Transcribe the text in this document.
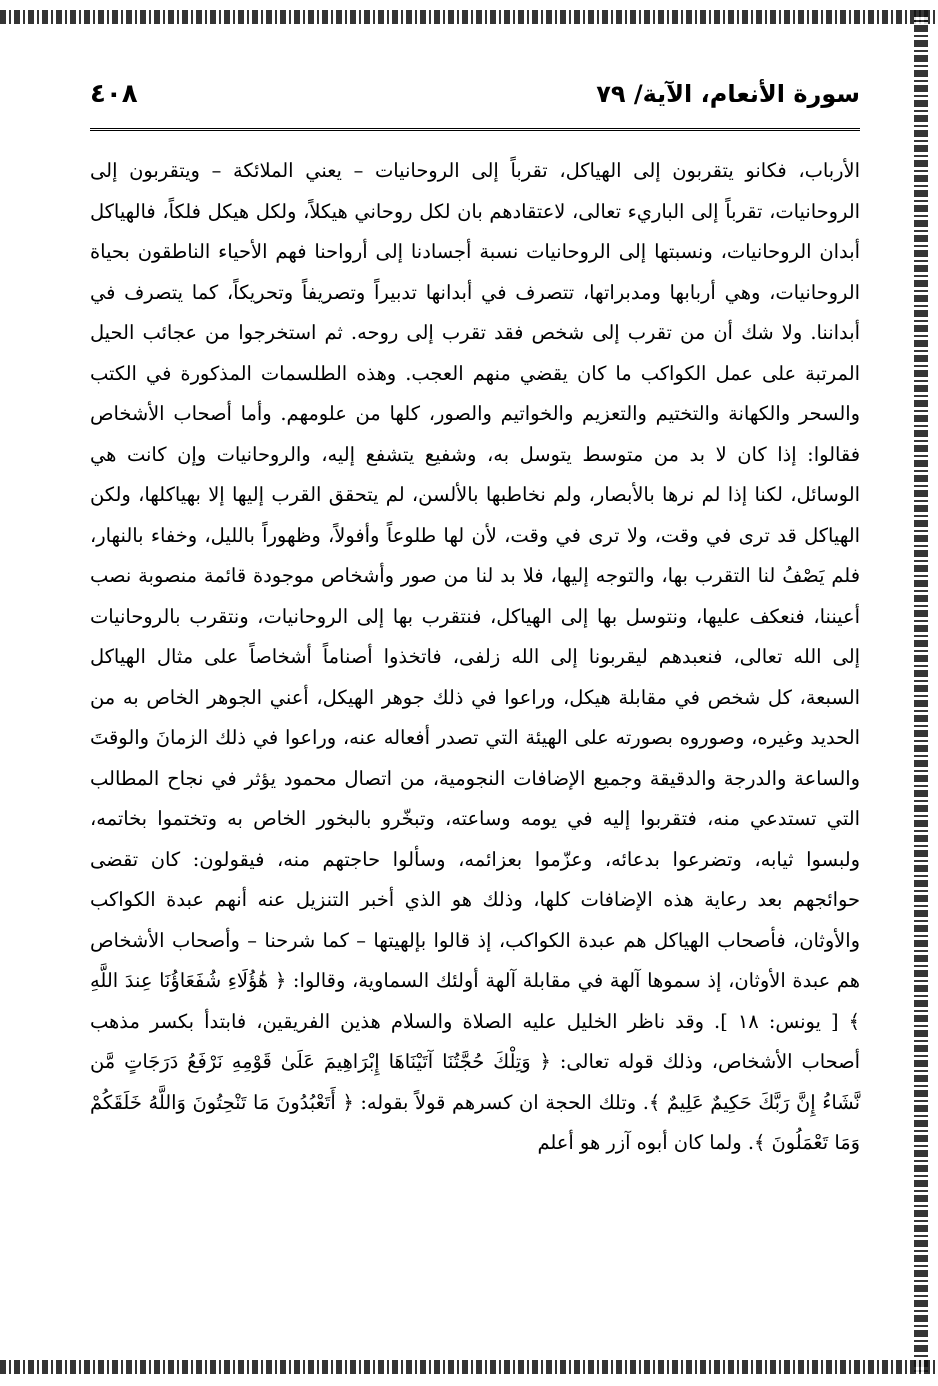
سورة الأنعام، الآية/ ٧٩
٤٠٨

الأرباب، فكانو يتقربون إلى الهياكل، تقرباً إلى الروحانيات – يعني الملائكة – ويتقربون إلى الروحانيات، تقرباً إلى الباريء تعالى، لاعتقادهم بان لكل روحاني هيكلاً، ولكل هيكل فلكاً، فالهياكل أبدان الروحانيات، ونسبتها إلى الروحانيات نسبة أجسادنا إلى أرواحنا فهم الأحياء الناطقون بحياة الروحانيات، وهي أربابها ومدبراتها، تتصرف في أبدانها تدبيراً وتصريفاً وتحريكاً، كما يتصرف في أبداننا. ولا شك أن من تقرب إلى شخص فقد تقرب إلى روحه. ثم استخرجوا من عجائب الحيل المرتبة على عمل الكواكب ما كان يقضي منهم العجب. وهذه الطلسمات المذكورة في الكتب والسحر والكهانة والتختيم والتعزيم والخواتيم والصور، كلها من علومهم. وأما أصحاب الأشخاص فقالوا: إذا كان لا بد من متوسط يتوسل به، وشفيع يتشفع إليه، والروحانيات وإن كانت هي الوسائل، لكنا إذا لم نرها بالأبصار، ولم نخاطبها بالألسن، لم يتحقق القرب إليها إلا بهياكلها، ولكن الهياكل قد ترى في وقت، ولا ترى في وقت، لأن لها طلوعاً وأفولاً، وظهوراً بالليل، وخفاء بالنهار، فلم يَصْفُ لنا التقرب بها، والتوجه إليها، فلا بد لنا من صور وأشخاص موجودة قائمة منصوبة نصب أعيننا، فنعكف عليها، ونتوسل بها إلى الهياكل، فنتقرب بها إلى الروحانيات، ونتقرب بالروحانيات إلى الله تعالى، فنعبدهم ليقربونا إلى الله زلفى، فاتخذوا أصناماً أشخاصاً على مثال الهياكل السبعة، كل شخص في مقابلة هيكل، وراعوا في ذلك جوهر الهيكل، أعني الجوهر الخاص به من الحديد وغيره، وصوروه بصورته على الهيئة التي تصدر أفعاله عنه، وراعوا في ذلك الزمانَ والوقتَ والساعة والدرجة والدقيقة وجميع الإضافات النجومية، من اتصال محمود يؤثر في نجاح المطالب التي تستدعي منه، فتقربوا إليه في يومه وساعته، وتبخّرو بالبخور الخاص به وتختموا بخاتمه، ولبسوا ثيابه، وتضرعوا بدعائه، وعزّموا بعزائمه، وسألوا حاجتهم منه، فيقولون: كان تقضى حوائجهم بعد رعاية هذه الإضافات كلها، وذلك هو الذي أخبر التنزيل عنه أنهم عبدة الكواكب والأوثان، فأصحاب الهياكل هم عبدة الكواكب، إذ قالوا بإلهيتها – كما شرحنا – وأصحاب الأشخاص هم عبدة الأوثان، إذ سموها آلهة في مقابلة آلهة أولئك السماوية، وقالوا: ﴿ هَٰؤُلَاءِ شُفَعَاؤُنَا عِندَ اللَّهِ ﴾ [ يونس: ١٨ ]. وقد ناظر الخليل عليه الصلاة والسلام هذين الفريقين، فابتدأ بكسر مذهب أصحاب الأشخاص، وذلك قوله تعالى: ﴿ وَتِلْكَ حُجَّتُنَا آتَيْنَاهَا إِبْرَاهِيمَ عَلَىٰ قَوْمِهِ نَرْفَعُ دَرَجَاتٍ مَّن نَّشَاءُ إِنَّ رَبَّكَ حَكِيمٌ عَلِيمٌ ﴾. وتلك الحجة ان كسرهم قولاً بقوله: ﴿ أَتَعْبُدُونَ مَا تَنْحِتُونَ وَاللَّهُ خَلَقَكُمْ وَمَا تَعْمَلُونَ ﴾. ولما كان أبوه آزر هو أعلم
